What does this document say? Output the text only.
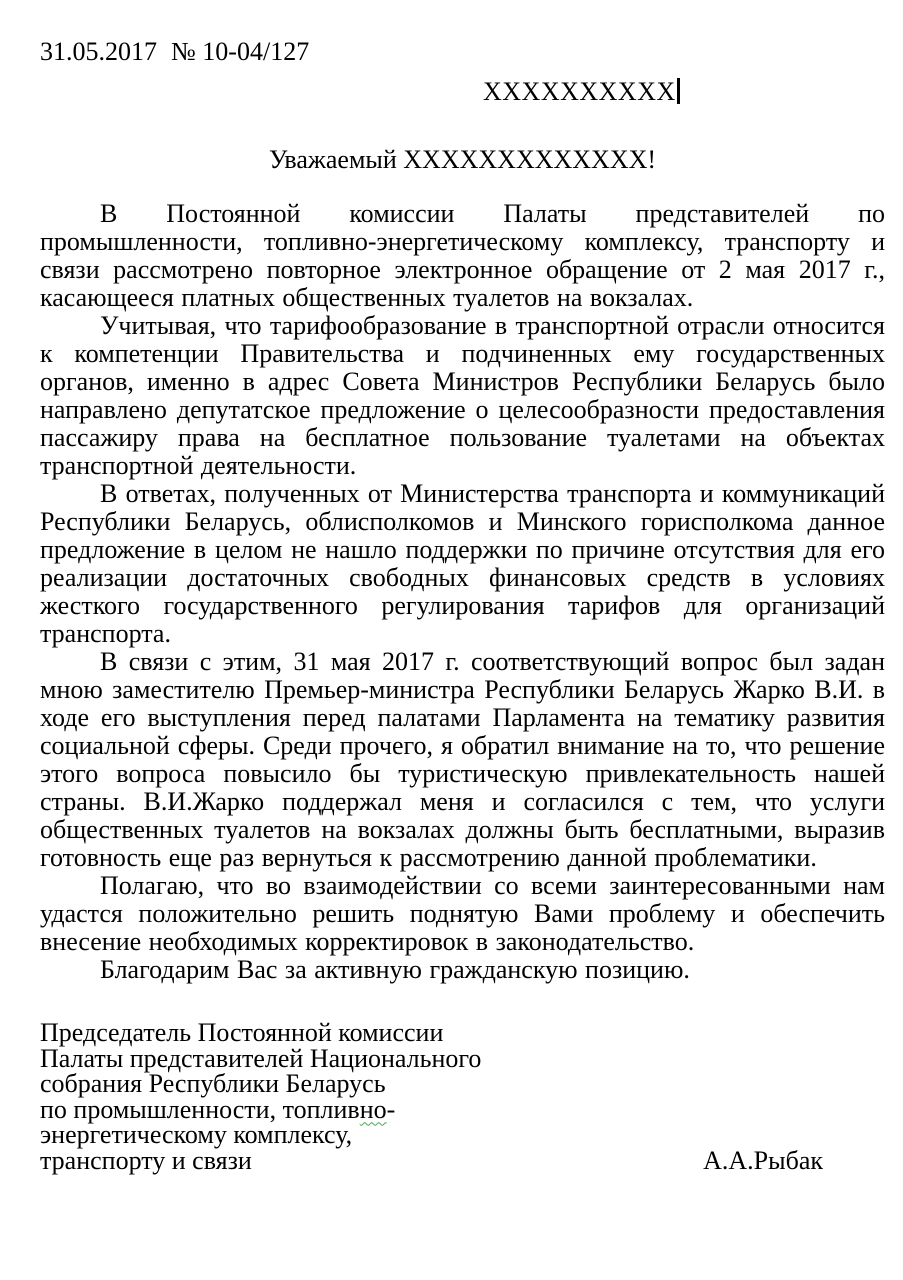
31.05.2017 № 10-04/127
XXXXXXXXXX
Уважаемый XXXXXXXXXXXXX!

В Постоянной комиссии Палаты представителей по промышленности, топливно-энергетическому комплексу, транспорту и связи рассмотрено повторное электронное обращение от 2 мая 2017 г., касающееся платных общественных туалетов на вокзалах.

Учитывая, что тарифообразование в транспортной отрасли относится к компетенции Правительства и подчиненных ему государственных органов, именно в адрес Совета Министров Республики Беларусь было направлено депутатское предложение о целесообразности предоставления пассажиру права на бесплатное пользование туалетами на объектах транспортной деятельности.

В ответах, полученных от Министерства транспорта и коммуникаций Республики Беларусь, облисполкомов и Минского горисполкома данное предложение в целом не нашло поддержки по причине отсутствия для его реализации достаточных свободных финансовых средств в условиях жесткого государственного регулирования тарифов для организаций транспорта.

В связи с этим, 31 мая 2017 г. соответствующий вопрос был задан мною заместителю Премьер-министра Республики Беларусь Жарко В.И. в ходе его выступления перед палатами Парламента на тематику развития социальной сферы. Среди прочего, я обратил внимание на то, что решение этого вопроса повысило бы туристическую привлекательность нашей страны. В.И.Жарко поддержал меня и согласился с тем, что услуги общественных туалетов на вокзалах должны быть бесплатными, выразив готовность еще раз вернуться к рассмотрению данной проблематики.

Полагаю, что во взаимодействии со всеми заинтересованными нам удастся положительно решить поднятую Вами проблему и обеспечить внесение необходимых корректировок в законодательство.

Благодарим Вас за активную гражданскую позицию.

Председатель Постоянной комиссии
Палаты представителей Национального
собрания Республики Беларусь
по промышленности, топливно-
энергетическому комплексу,
транспорту и связи	А.А.Рыбак
